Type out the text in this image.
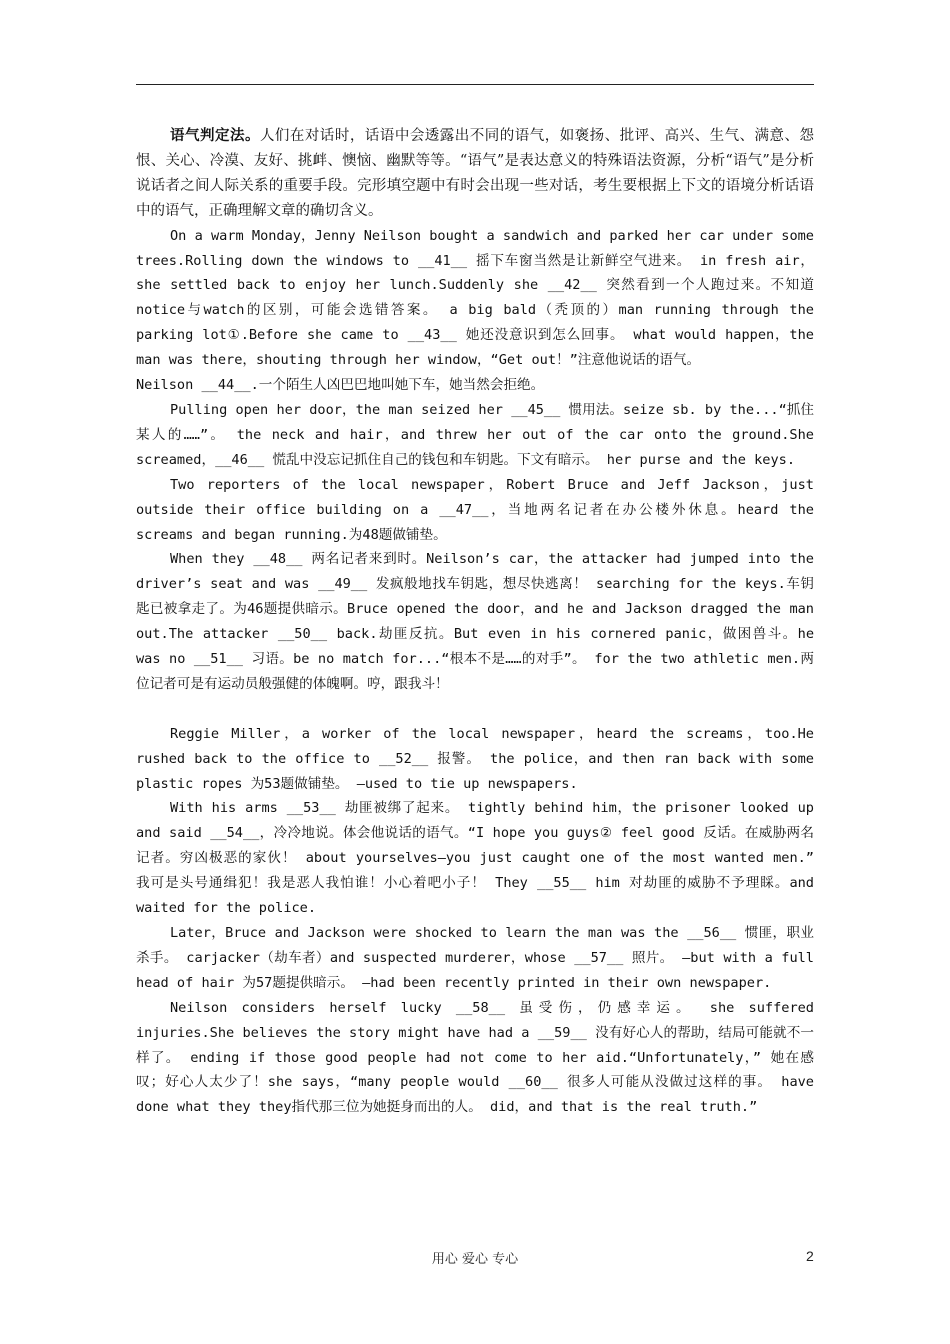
语气判定法。人们在对话时，话语中会透露出不同的语气，如褒扬、批评、高兴、生气、满意、怨恨、关心、冷漠、友好、挑衅、懊恼、幽默等等。“语气”是表达意义的特殊语法资源，分析“语气”是分析说话者之间人际关系的重要手段。完形填空题中有时会出现一些对话，考生要根据上下文的语境分析话语中的语气，正确理解文章的确切含义。

On a warm Monday，Jenny Neilson bought a sandwich and parked her car under some trees.Rolling down the windows to __41__ 摇下车窗当然是让新鲜空气进来。 in fresh air，she settled back to enjoy her lunch.Suddenly she __42__ 突然看到一个人跑过来。不知道notice与watch的区别，可能会选错答案。 a big bald（秃顶的）man running through the parking lot①.Before she came to __43__ 她还没意识到怎么回事。 what would happen，the man was there，shouting through her window，“Get out！”注意他说话的语气。

Neilson __44__.一个陌生人凶巴巴地叫她下车，她当然会拒绝。

Pulling open her door，the man seized her __45__ 惯用法。seize sb. by the...“抓住某人的……”。 the neck and hair，and threw her out of the car onto the ground.She screamed，__46__ 慌乱中没忘记抓住自己的钱包和车钥匙。下文有暗示。 her purse and the keys.

Two reporters of the local newspaper，Robert Bruce and Jeff Jackson，just outside their office building on a __47__，当地两名记者在办公楼外休息。heard the screams and began running.为48题做铺垫。

When they __48__ 两名记者来到时。Neilson’s car，the attacker had jumped into the driver’s seat and was __49__ 发疯般地找车钥匙，想尽快逃离！ searching for the keys.车钥匙已被拿走了。为46题提供暗示。Bruce opened the door，and he and Jackson dragged the man out.The attacker __50__ back.劫匪反抗。But even in his cornered panic，做困兽斗。he was no __51__ 习语。be no match for...“根本不是……的对手”。 for the two athletic men.两位记者可是有运动员般强健的体魄啊。哼，跟我斗！

Reggie Miller，a worker of the local newspaper，heard the screams，too.He rushed back to the office to __52__ 报警。 the police，and then ran back with some plastic ropes 为53题做铺垫。 —used to tie up newspapers.

With his arms __53__ 劫匪被绑了起来。 tightly behind him，the prisoner looked up and said __54__，冷冷地说。体会他说话的语气。“I hope you guys② feel good 反话。在威胁两名记者。穷凶极恶的家伙！ about yourselves—you just caught one of the most wanted men.” 我可是头号通缉犯！我是恶人我怕谁！小心着吧小子！ They __55__ him 对劫匪的威胁不予理睬。and waited for the police.

Later，Bruce and Jackson were shocked to learn the man was the __56__ 惯匪，职业杀手。 carjacker（劫车者）and suspected murderer，whose __57__ 照片。 —but with a full head of hair 为57题提供暗示。 —had been recently printed in their own newspaper.

Neilson considers herself lucky __58__ 虽受伤，仍感幸运。 she suffered injuries.She believes the story might have had a __59__ 没有好心人的帮助，结局可能就不一样了。 ending if those good people had not come to her aid.“Unfortunately，” 她在感叹；好心人太少了！she says，“many people would __60__ 很多人可能从没做过这样的事。 have done what they they指代那三位为她挺身而出的人。 did，and that is the real truth.”

用心 爱心 专心	2
